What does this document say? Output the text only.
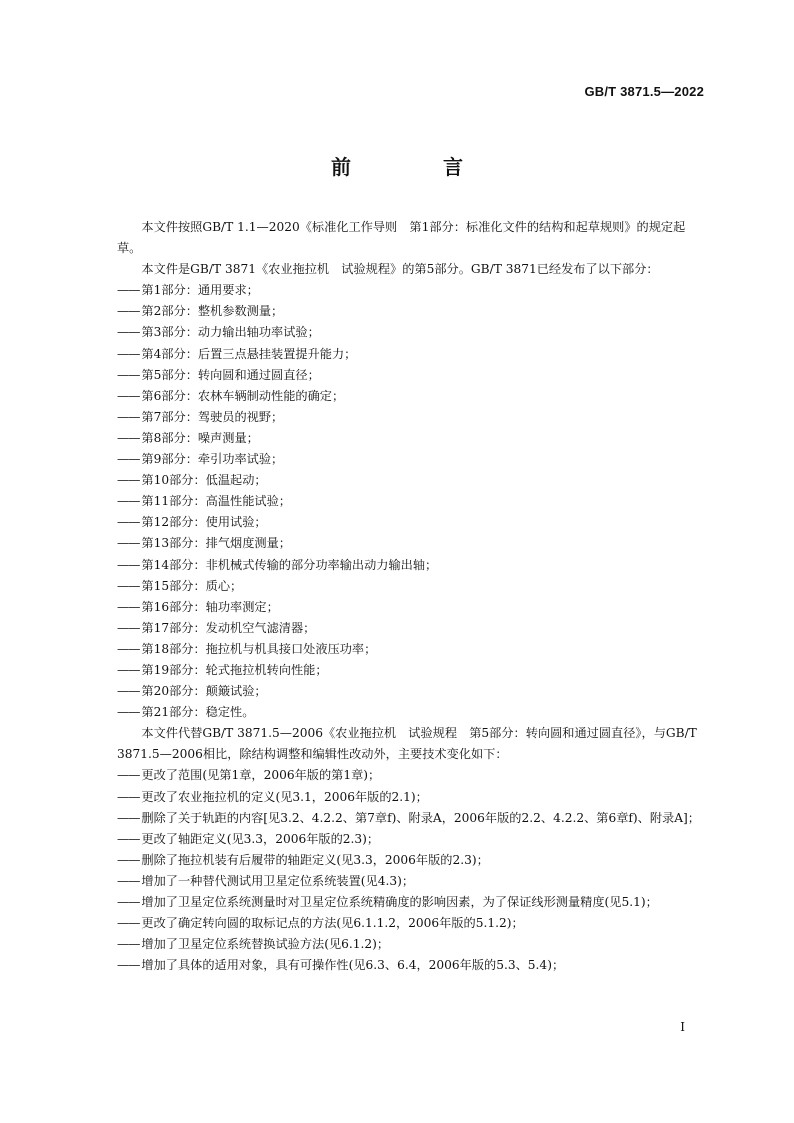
GB/T 3871.5—2022
前　言

本文件按照GB/T 1.1—2020《标准化工作导则　第1部分：标准化文件的结构和起草规则》的规定起草。

本文件是GB/T 3871《农业拖拉机　试验规程》的第5部分。GB/T 3871已经发布了以下部分：

—— 第1部分：通用要求；

—— 第2部分：整机参数测量；

—— 第3部分：动力输出轴功率试验；

—— 第4部分：后置三点悬挂装置提升能力；

—— 第5部分：转向圆和通过圆直径；

—— 第6部分：农林车辆制动性能的确定；

—— 第7部分：驾驶员的视野；

—— 第8部分：噪声测量；

—— 第9部分：牵引功率试验；

—— 第10部分：低温起动；

—— 第11部分：高温性能试验；

—— 第12部分：使用试验；

—— 第13部分：排气烟度测量；

—— 第14部分：非机械式传输的部分功率输出动力输出轴；

—— 第15部分：质心；

—— 第16部分：轴功率测定；

—— 第17部分：发动机空气滤清器；

—— 第18部分：拖拉机与机具接口处液压功率；

—— 第19部分：轮式拖拉机转向性能；

—— 第20部分：颠簸试验；

—— 第21部分：稳定性。

本文件代替GB/T 3871.5—2006《农业拖拉机　试验规程　第5部分：转向圆和通过圆直径》，与GB/T 3871.5—2006相比，除结构调整和编辑性改动外，主要技术变化如下：

—— 更改了范围(见第1章，2006年版的第1章)；

—— 更改了农业拖拉机的定义(见3.1，2006年版的2.1)；

—— 删除了关于轨距的内容[见3.2、4.2.2、第7章f)、附录A，2006年版的2.2、4.2.2、第6章f)、附录A]；

—— 更改了轴距定义(见3.3，2006年版的2.3)；

—— 删除了拖拉机装有后履带的轴距定义(见3.3，2006年版的2.3)；

—— 增加了一种替代测试用卫星定位系统装置(见4.3)；

—— 增加了卫星定位系统测量时对卫星定位系统精确度的影响因素，为了保证线形测量精度(见5.1)；

—— 更改了确定转向圆的取标记点的方法(见6.1.1.2，2006年版的5.1.2)；

—— 增加了卫星定位系统替换试验方法(见6.1.2)；

—— 增加了具体的适用对象，具有可操作性(见6.3、6.4，2006年版的5.3、5.4)；

I
